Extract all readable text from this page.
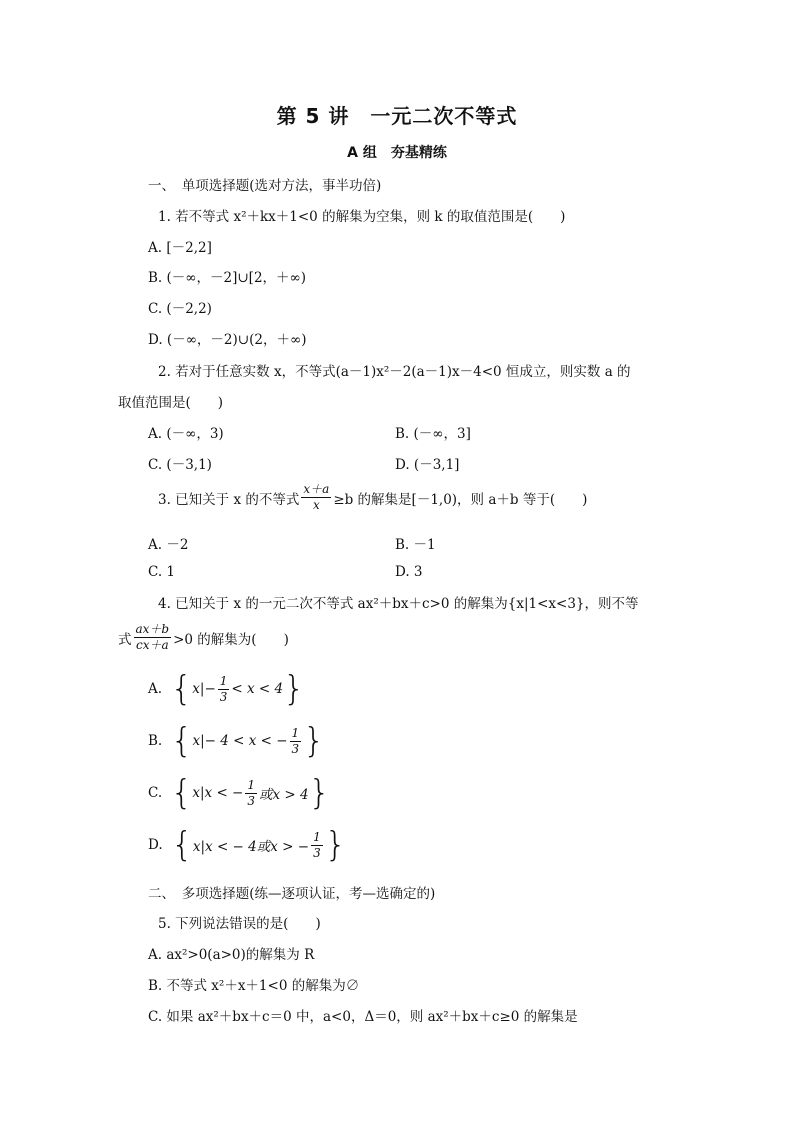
第 5 讲　一元二次不等式
A 组　夯基精练
一、　单项选择题(选对方法，事半功倍)
1. 若不等式 x²＋kx＋1<0 的解集为空集，则 k 的取值范围是(　　)
A. [－2,2]
B. (－∞，－2]∪[2，＋∞)
C. (－2,2)
D. (－∞，－2)∪(2，＋∞)
2. 若对于任意实数 x，不等式(a－1)x²－2(a－1)x－4<0 恒成立，则实数 a 的
取值范围是(　　)
A. (－∞，3)	B. (－∞，3]
C. (－3,1)	D. (－3,1]
3. 已知关于 x 的不等式 $\frac{x+a}{x} \ge b$ 的解集是[－1,0)，则 a＋b 等于(　　)
A. －2	B. －1
C. 1	D. 3
4. 已知关于 x 的一元二次不等式 ax²＋bx＋c>0 的解集为{x|1<x<3}，则不等
式 $\frac{ax+b}{cx+a} >0$ 的解集为(　　)
A.
{ $x|- \frac{1}{3} < x < 4$ }
B.
{ x|− 4 < x < − $\frac{1}{3}$ }
C.
{ x|x < − $\frac{1}{3}$ 或x > 4 }
D.
{ x|x < − 4或x > − $\frac{1}{3}$ }
二、　多项选择题(练—逐项认证，考—选确定的)
5. 下列说法错误的是(　　)
A. ax²>0(a>0)的解集为 R
B. 不等式 x²＋x＋1<0 的解集为∅
C. 如果 ax²＋bx＋c＝0 中，a<0，Δ＝0，则 ax²＋bx＋c≥0 的解集是
